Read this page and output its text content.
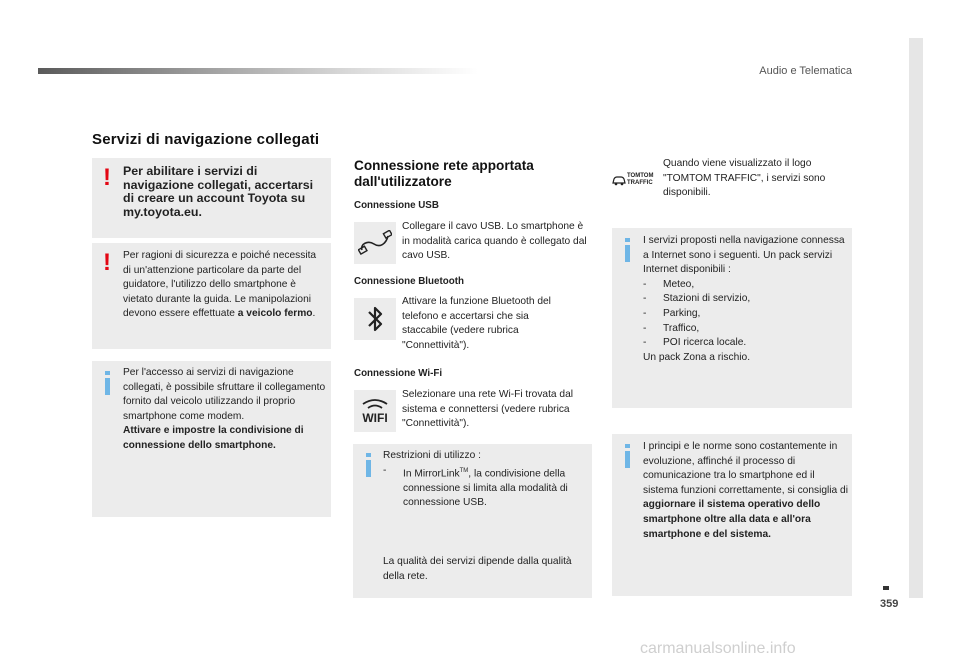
Audio e Telematica
359
Servizi di navigazione collegati
! Per abilitare i servizi di navigazione collegati, accertarsi di creare un account Toyota su my.toyota.eu.
! Per ragioni di sicurezza e poiché necessita di un'attenzione particolare da parte del guidatore, l'utilizzo dello smartphone è vietato durante la guida. Le manipolazioni devono essere effettuate a veicolo fermo.
Per l'accesso ai servizi di navigazione collegati, è possibile sfruttare il collegamento fornito dal veicolo utilizzando il proprio smartphone come modem.
Attivare e impostre la condivisione di connessione dello smartphone.
Connessione rete apportata dall'utilizzatore
Connessione USB
Collegare il cavo USB. Lo smartphone è in modalità carica quando è collegato dal cavo USB.
Connessione Bluetooth
Attivare la funzione Bluetooth del telefono e accertarsi che sia staccabile (vedere rubrica "Connettività").
Connessione Wi-Fi
WIFI
Selezionare una rete Wi-Fi trovata dal sistema e connettersi (vedere rubrica "Connettività").
Restrizioni di utilizzo :
- In MirrorLink™, la condivisione della connessione si limita alla modalità di connessione USB.
La qualità dei servizi dipende dalla qualità della rete.
TOMTOM TRAFFIC
Quando viene visualizzato il logo "TOMTOM TRAFFIC", i servizi sono disponibili.
I servizi proposti nella navigazione connessa a Internet sono i seguenti. Un pack servizi Internet disponibili :
- Meteo,
- Stazioni di servizio,
- Parking,
- Traffico,
- POI ricerca locale.
Un pack Zona a rischio.
I principi e le norme sono costantemente in evoluzione, affinché il processo di comunicazione tra lo smartphone ed il sistema funzioni correttamente, si consiglia di aggiornare il sistema operativo dello smartphone oltre alla data e all'ora smartphone e del sistema.
carmanualsonline.info
